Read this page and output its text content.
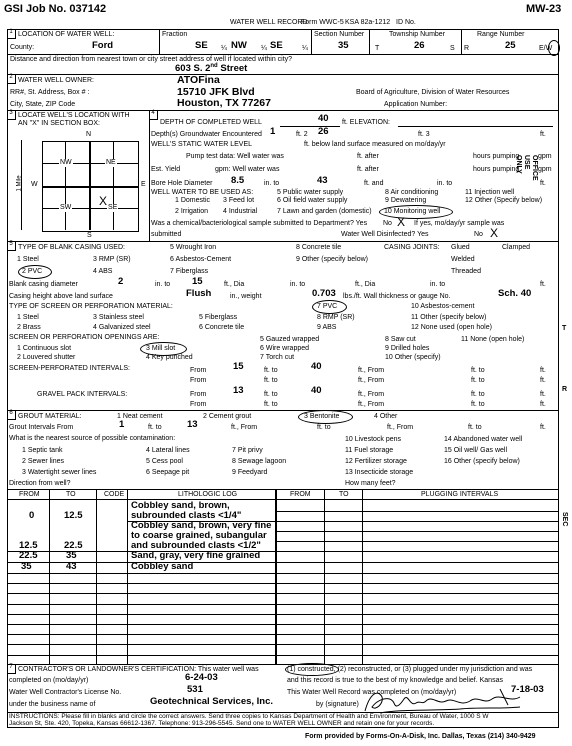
GSI Job No. 037142
WATER WELL RECORD
Form WWC-5 KSA 82a-1212 ID No.
MW-23
1 LOCATION OF WATER WELL:
County:	Ford
Fraction
SE ¼ NW ¼ SE	¼
Section Number
35
Township Number
T	26	S
Range Number
R	25	E/W
Distance and direction from nearest town or city street address of well if located within city?
603 S. 2nd Street
2 WATER WELL OWNER:	ATOFina
RR#, St. Address, Box # :	15710 JFK Blvd	Board of Agriculture, Division of Water Resources
City, State, ZIP Code	Houston, TX 77267	Application Number:
3 LOCATE WELL'S LOCATION WITH
AN "X" IN SECTION BOX:
N
S
W	E
1 Mile
NW	NE
SW	SE
X
4
DEPTH OF COMPLETED WELL	40 ft. ELEVATION:
Depth(s) Groundwater Encountered 1	ft. 2 26	ft. 3	ft.
WELL'S STATIC WATER LEVEL	ft. below land surface measured on mo/day/yr
Pump test data: Well water was	ft. after	hours pumping	gpm
Est. Yield	gpm: Well water was	ft. after	hours pumping	gpm
Bore Hole Diameter 8.5	in. to	43	ft. and	in. to	ft.
WELL WATER TO BE USED AS:
1 Domestic 3 Feed lot
5 Public water supply
6 Oil field water supply
8 Air conditioning
9 Dewatering
11 Injection well
12 Other (Specify below)
2 Irrigation 4 Industrial	7 Lawn and garden (domestic) 10 Monitoring well
Was a chemical/bacteriological sample submitted to Department? Yes No X If yes, mo/day/yr sample was
submitted	Water Well Disinfected? Yes	No X
5 TYPE OF BLANK CASING USED:
1 Steel
2 PVC
3 RMP (SR)
4 ABS
5 Wrought Iron
6 Asbestos-Cement
7 Fiberglass
8 Concrete tile
9 Other (specify below)
CASING JOINTS: Glued	Clamped
Welded
Threaded
Blank casing diameter	2	in. to 15	ft., Dia	in. to	ft., Dia	in. to	ft.
Casing height above land surface	Flush	in., weight	0.703 lbs./ft. Wall thickness or gauge No.	Sch. 40
TYPE OF SCREEN OR PERFORATION MATERIAL:
1 Steel
2 Brass
3 Stainless steel
4 Galvanized steel
5 Fiberglass
6 Concrete tile
7 PVC
8 RMP (SR)
9 ABS
10 Asbestos-cement
11 Other (specify below)
12 None used (open hole)
SCREEN OR PERFORATION OPENINGS ARE:
1 Continuous slot
2 Louvered shutter
3 Mill slot
4 Key punched
5 Gauzed wrapped
6 Wire wrapped
7 Torch cut
8 Saw cut
9 Drilled holes
10 Other (specify)
11 None (open hole)
SCREEN-PERFORATED INTERVALS:	From	15	ft. to	40	ft., From	ft. to	ft.
From	ft. to	ft., From	ft. to	ft.
GRAVEL PACK INTERVALS:	From	13	ft. to	40	ft., From	ft. to	ft.
From	ft. to	ft., From	ft. to	ft.
6 GROUT MATERIAL:	1 Neat cement	2 Cement grout	3 Bentonite	4 Other
Grout Intervals From	1	ft. to	13	ft., From	ft. to	ft., From	ft. to	ft.
What is the nearest source of possible contamination:
1 Septic tank
2 Sewer lines
3 Watertight sewer lines
4 Lateral lines
5 Cess pool
6 Seepage pit
7 Pit privy
8 Sewage lagoon
9 Feedyard
10 Livestock pens
11 Fuel storage
12 Fertilizer storage
13 Insecticide storage
14 Abandoned water well
15 Oil well/ Gas well
16 Other (specify below)
Direction from well?	How many feet?
FROM	TO	CODE	LITHOLOGIC LOG	FROM	TO	PLUGGING INTERVALS
0	12.5
Cobbley sand, brown,
subrounded clasts <1/4"
12.5	22.5
Cobbley sand, brown, very fine
to coarse grained, subangular
and subrounded clasts <1/2"
22.5	35	Sand, gray, very fine grained
35	43	Cobbley sand
7 CONTRACTOR'S OR LANDOWNER'S CERTIFICATION: This water well was	(1) constructed, (2) reconstructed, or (3) plugged under my jurisdiction and was
completed on (mo/day/yr)	6-24-03	and this record is true to the best of my knowledge and belief. Kansas
Water Well Contractor's License No.	531	This Water Well Record was completed on (mo/day/yr)	7-18-03
under the business name of	Geotechnical Services, Inc.	by (signature)
INSTRUCTIONS: Please fill in blanks and circle the correct answers. Send three copies to Kansas Department of Health and Environment, Bureau of Water, 1000 S W
Jackson St, Ste. 420, Topeka, Kansas 66612-1367. Telephone: 913-296-5545. Send one to WATER WELL OWNER and retain one for your records.
Form provided by Forms-On-A-Disk, Inc. Dallas, Texas (214) 340-9429
OFFICE USE ONLY
T
R
SEC
